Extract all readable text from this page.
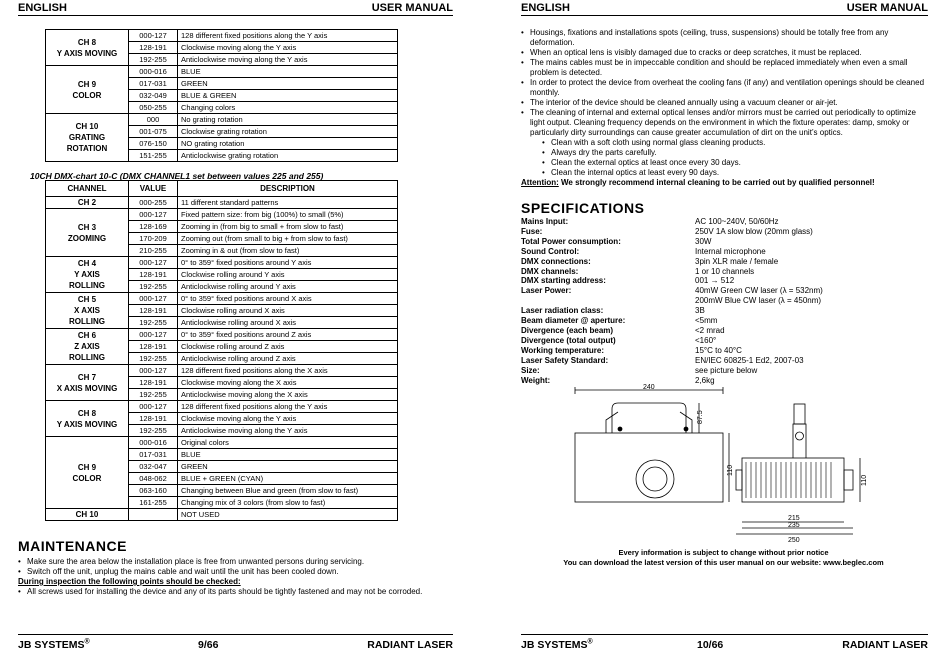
ENGLISH	USER MANUAL
CH 8
Y AXIS MOVING	000-127	128 different fixed positions along the Y axis
	128-191	Clockwise moving along the Y axis
	192-255	Anticlockwise moving along the Y axis
CH 9
COLOR	000-016	BLUE
	017-031	GREEN
	032-049	BLUE & GREEN
	050-255	Changing colors
CH 10
GRATING
ROTATION	000	No grating rotation
	001-075	Clockwise grating rotation
	076-150	NO grating rotation
	151-255	Anticlockwise grating rotation
10CH DMX-chart 10-C (DMX CHANNEL1 set between values 225 and 255)
CHANNEL	VALUE	DESCRIPTION
CH 2	000-255	11 different standard patterns
CH 3
ZOOMING	000-127	Fixed pattern size: from big (100%) to small (5%)
	128-169	Zooming in (from big to small + from slow to fast)
	170-209	Zooming out (from small to big + from slow to fast)
	210-255	Zooming in & out (from slow to fast)
CH 4
Y AXIS
ROLLING	000-127	0° to 359° fixed positions around Y axis
	128-191	Clockwise rolling around Y axis
	192-255	Anticlockwise rolling around Y axis
CH 5
X AXIS
ROLLING	000-127	0° to 359° fixed positions around X axis
	128-191	Clockwise rolling around X axis
	192-255	Anticlockwise rolling around X axis
CH 6
Z AXIS
ROLLING	000-127	0° to 359° fixed positions around Z axis
	128-191	Clockwise rolling around Z axis
	192-255	Anticlockwise rolling around Z axis
CH 7
X AXIS MOVING	000-127	128 different fixed positions along the X axis
	128-191	Clockwise moving along the X axis
	192-255	Anticlockwise moving along the X axis
CH 8
Y AXIS MOVING	000-127	128 different fixed positions along the Y axis
	128-191	Clockwise moving along the Y axis
	192-255	Anticlockwise moving along the Y axis
CH 9
COLOR	000-016	Original colors
	017-031	BLUE
	032-047	GREEN
	048-062	BLUE + GREEN (CYAN)
	063-160	Changing between Blue and green (from slow to fast)
	161-255	Changing mix of 3 colors (from slow to fast)
CH 10		NOT USED
MAINTENANCE
• Make sure the area below the installation place is free from unwanted persons during servicing.
• Switch off the unit, unplug the mains cable and wait until the unit has been cooled down.
During inspection the following points should be checked:
• All screws used for installing the device and any of its parts should be tightly fastened and may not be corroded.
JB SYSTEMS®	9/66	RADIANT LASER
ENGLISH	USER MANUAL
• Housings, fixations and installations spots (ceiling, truss, suspensions) should be totally free from any deformation.
• When an optical lens is visibly damaged due to cracks or deep scratches, it must be replaced.
• The mains cables must be in impeccable condition and should be replaced immediately when even a small problem is detected.
• In order to protect the device from overheat the cooling fans (if any) and ventilation openings should be cleaned monthly.
• The interior of the device should be cleaned annually using a vacuum cleaner or air-jet.
• The cleaning of internal and external optical lenses and/or mirrors must be carried out periodically to optimize light output. Cleaning frequency depends on the environment in which the fixture operates: damp, smoky or particularly dirty surroundings can cause greater accumulation of dirt on the unit’s optics.
• Clean with a soft cloth using normal glass cleaning products.
• Always dry the parts carefully.
• Clean the external optics at least once every 30 days.
• Clean the internal optics at least every 90 days.
Attention: We strongly recommend internal cleaning to be carried out by qualified personnel!
JB SYSTEMS®	10/66	RADIANT LASER
SPECIFICATIONS
Mains Input:	AC 100~240V, 50/60Hz
Fuse:	250V 1A slow blow (20mm glass)
Total Power consumption:	30W
Sound Control:	Internal microphone
DMX connections:	3pin XLR male / female
DMX channels:	1 or 10 channels
DMX starting address:	001 → 512
Laser Power:	40mW Green CW laser (λ = 532nm)
	200mW Blue CW laser (λ = 450nm)
Laser radiation class:	3B
Beam diameter @ aperture:	<5mm
Divergence (each beam)	<2 mrad
Divergence (total output)	<160°
Working temperature:	15°C to 40°C
Laser Safety Standard:	EN/IEC 60825-1 Ed2, 2007-03
Size:	see picture below
Weight:	2,6kg
240
87.5
110
110
215
235
250
Every information is subject to change without prior notice
You can download the latest version of this user manual on our website: www.beglec.com
